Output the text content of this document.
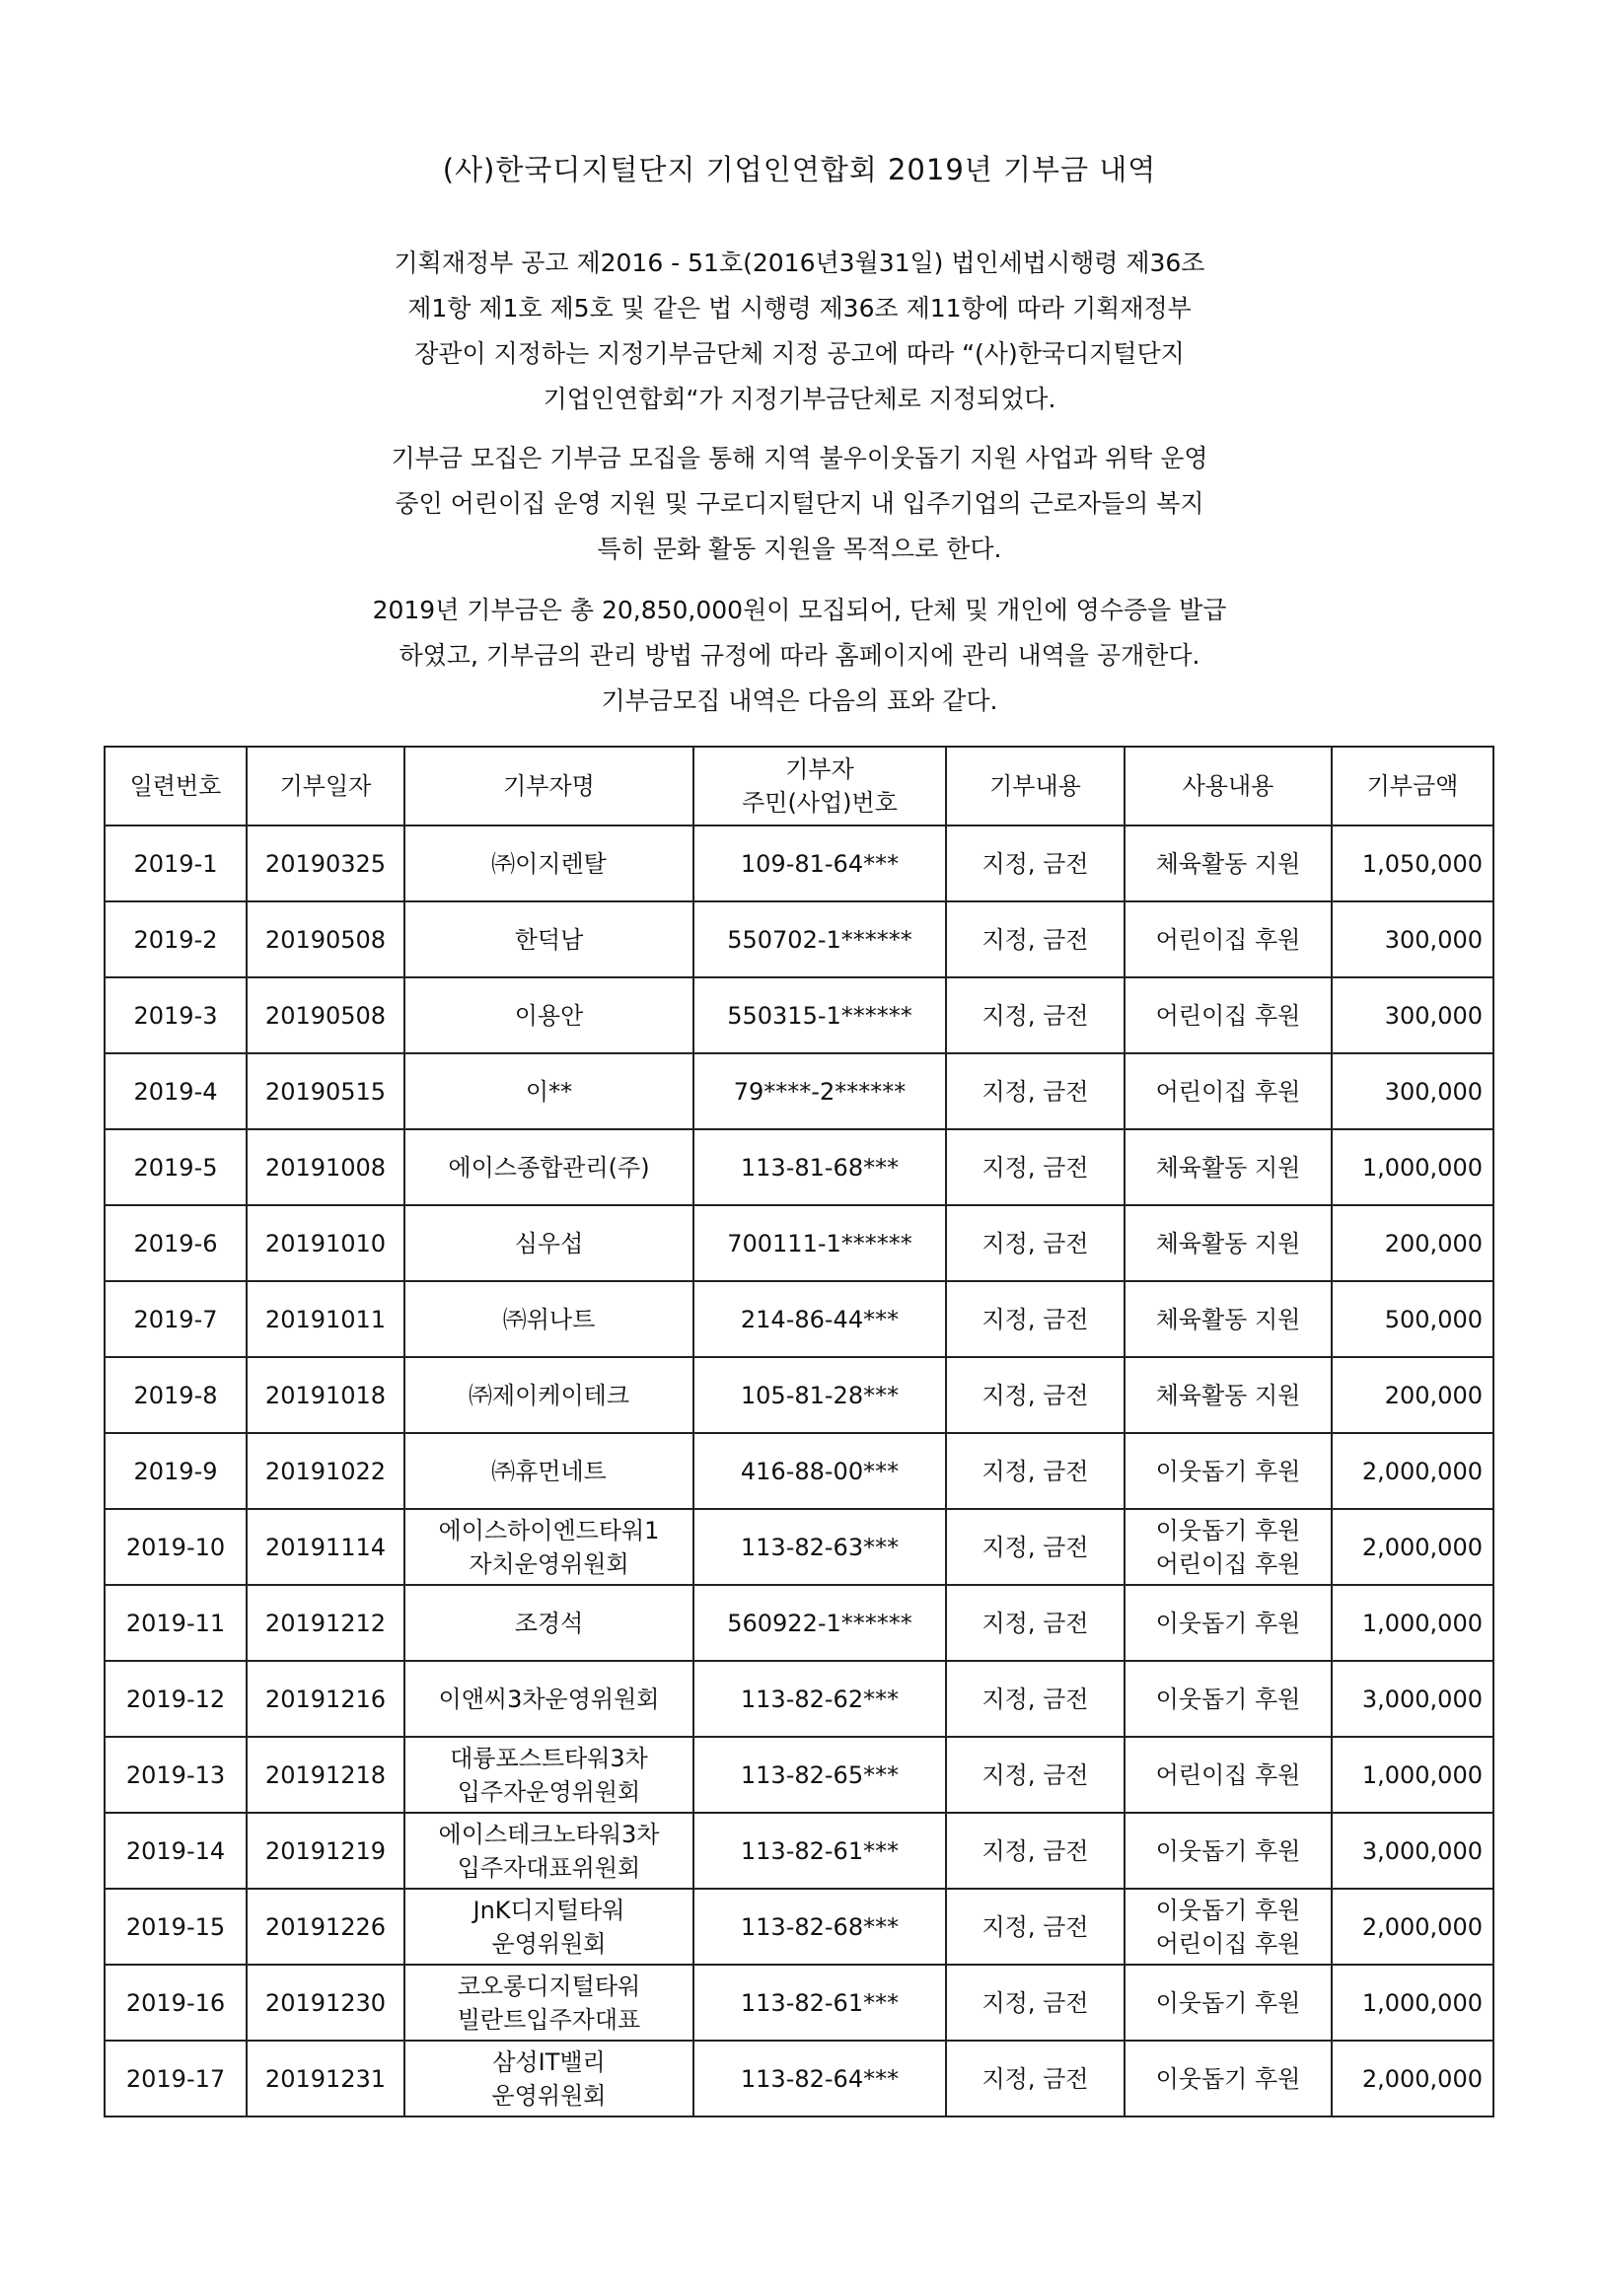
(사)한국디지털단지 기업인연합회 2019년 기부금 내역

기획재정부 공고 제2016 - 51호(2016년3월31일) 법인세법시행령 제36조

제1항 제1호 제5호 및 같은 법 시행령 제36조 제11항에 따라 기획재정부

장관이 지정하는 지정기부금단체 지정 공고에 따라 “(사)한국디지털단지

기업인연합회“가 지정기부금단체로 지정되었다.

기부금 모집은 기부금 모집을 통해 지역 불우이웃돕기 지원 사업과 위탁 운영

중인 어린이집 운영 지원 및 구로디지털단지 내 입주기업의 근로자들의 복지

특히 문화 활동 지원을 목적으로 한다.

2019년 기부금은 총 20,850,000원이 모집되어, 단체 및 개인에 영수증을 발급

하였고, 기부금의 관리 방법 규정에 따라 홈페이지에 관리 내역을 공개한다.

기부금모집 내역은 다음의 표와 같다.

일련번호	기부일자	기부자명	기부자
주민(사업)번호	기부내용	사용내용	기부금액
2019-1	20190325	㈜이지렌탈	109-81-64***	지정, 금전	체육활동 지원	1,050,000
2019-2	20190508	한덕남	550702-1******	지정, 금전	어린이집 후원	300,000
2019-3	20190508	이용안	550315-1******	지정, 금전	어린이집 후원	300,000
2019-4	20190515	이**	79****-2******	지정, 금전	어린이집 후원	300,000
2019-5	20191008	에이스종합관리(주)	113-81-68***	지정, 금전	체육활동 지원	1,000,000
2019-6	20191010	심우섭	700111-1******	지정, 금전	체육활동 지원	200,000
2019-7	20191011	㈜위나트	214-86-44***	지정, 금전	체육활동 지원	500,000
2019-8	20191018	㈜제이케이테크	105-81-28***	지정, 금전	체육활동 지원	200,000
2019-9	20191022	㈜휴먼네트	416-88-00***	지정, 금전	이웃돕기 후원	2,000,000
2019-10	20191114	에이스하이엔드타워1
자치운영위원회	113-82-63***	지정, 금전	이웃돕기 후원
어린이집 후원	2,000,000
2019-11	20191212	조경석	560922-1******	지정, 금전	이웃돕기 후원	1,000,000
2019-12	20191216	이앤씨3차운영위원회	113-82-62***	지정, 금전	이웃돕기 후원	3,000,000
2019-13	20191218	대륭포스트타워3차
입주자운영위원회	113-82-65***	지정, 금전	어린이집 후원	1,000,000
2019-14	20191219	에이스테크노타워3차
입주자대표위원회	113-82-61***	지정, 금전	이웃돕기 후원	3,000,000
2019-15	20191226	JnK디지털타워
운영위원회	113-82-68***	지정, 금전	이웃돕기 후원
어린이집 후원	2,000,000
2019-16	20191230	코오롱디지털타워
빌란트입주자대표	113-82-61***	지정, 금전	이웃돕기 후원	1,000,000
2019-17	20191231	삼성IT밸리
운영위원회	113-82-64***	지정, 금전	이웃돕기 후원	2,000,000
